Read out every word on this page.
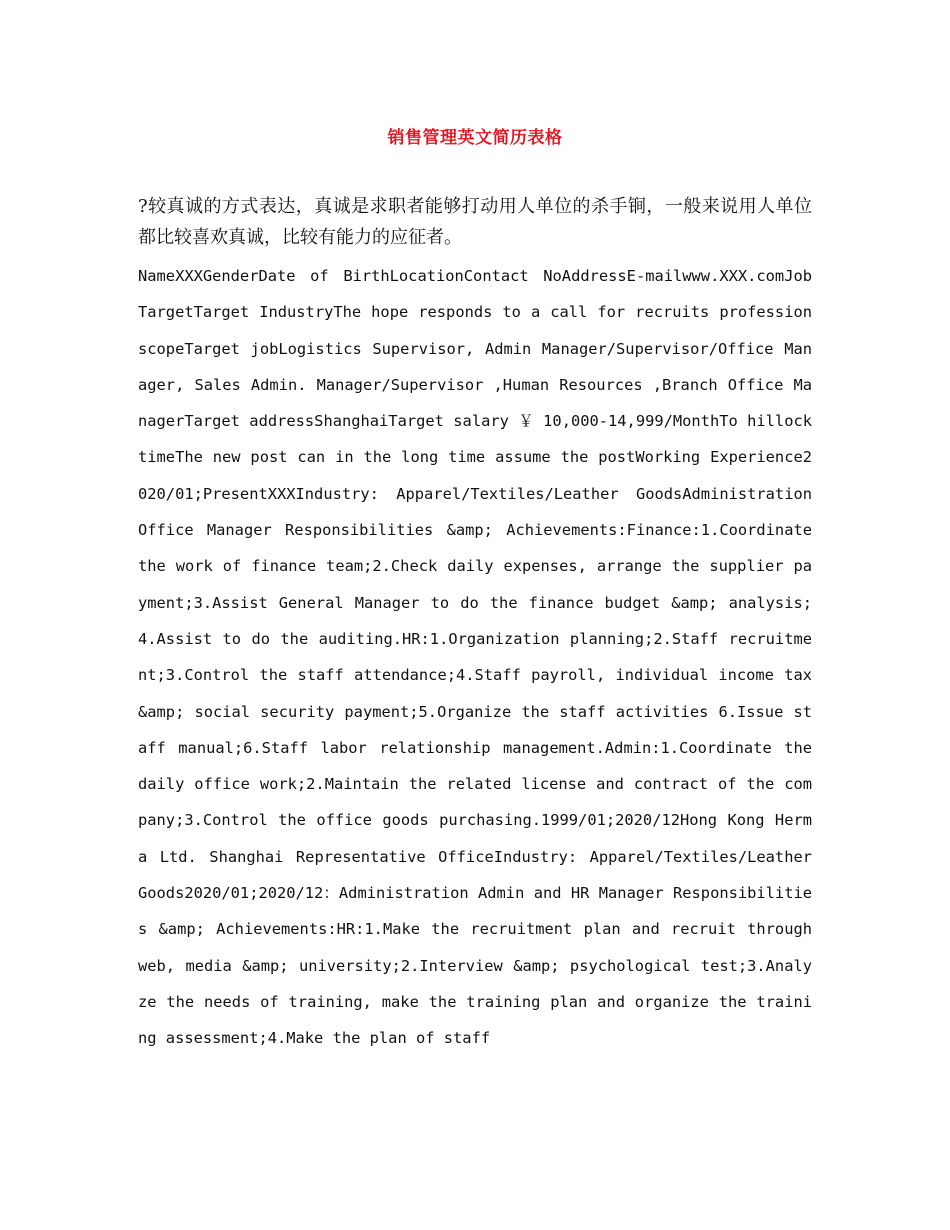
销售管理英文简历表格

?较真诚的方式表达，真诚是求职者能够打动用人单位的杀手锏，一般来说用人单位都比较喜欢真诚，比较有能力的应征者。

NameXXXGenderDate of BirthLocationContact NoAddressE-mailwww.XXX.comJob TargetTarget IndustryThe hope responds to a call for recruits profession scopeTarget jobLogistics Supervisor, Admin Manager/Supervisor/Office Manager, Sales Admin. Manager/Supervisor ,Human Resources ,Branch Office ManagerTarget addressShanghaiTarget salary ￥ 10,000-14,999/MonthTo hillock timeThe new post can in the long time assume the postWorking Experience2020/01;PresentXXXIndustry: Apparel/Textiles/Leather GoodsAdministration Office Manager Responsibilities &amp; Achievements:Finance:1.Coordinate the work of finance team;2.Check daily expenses, arrange the supplier payment;3.Assist General Manager to do the finance budget &amp; analysis;4.Assist to do the auditing.HR:1.Organization planning;2.Staff recruitment;3.Control the staff attendance;4.Staff payroll, individual income tax &amp; social security payment;5.Organize the staff activities 6.Issue staff manual;6.Staff labor relationship management.Admin:1.Coordinate the daily office work;2.Maintain the related license and contract of the company;3.Control the office goods purchasing.1999/01;2020/12Hong Kong Herma Ltd. Shanghai Representative OfficeIndustry: Apparel/Textiles/Leather Goods2020/01;2020/12：Administration Admin and HR Manager Responsibilities &amp; Achievements:HR:1.Make the recruitment plan and recruit through web, media &amp; university;2.Interview &amp; psychological test;3.Analyze the needs of training, make the training plan and organize the training assessment;4.Make the plan of staff
